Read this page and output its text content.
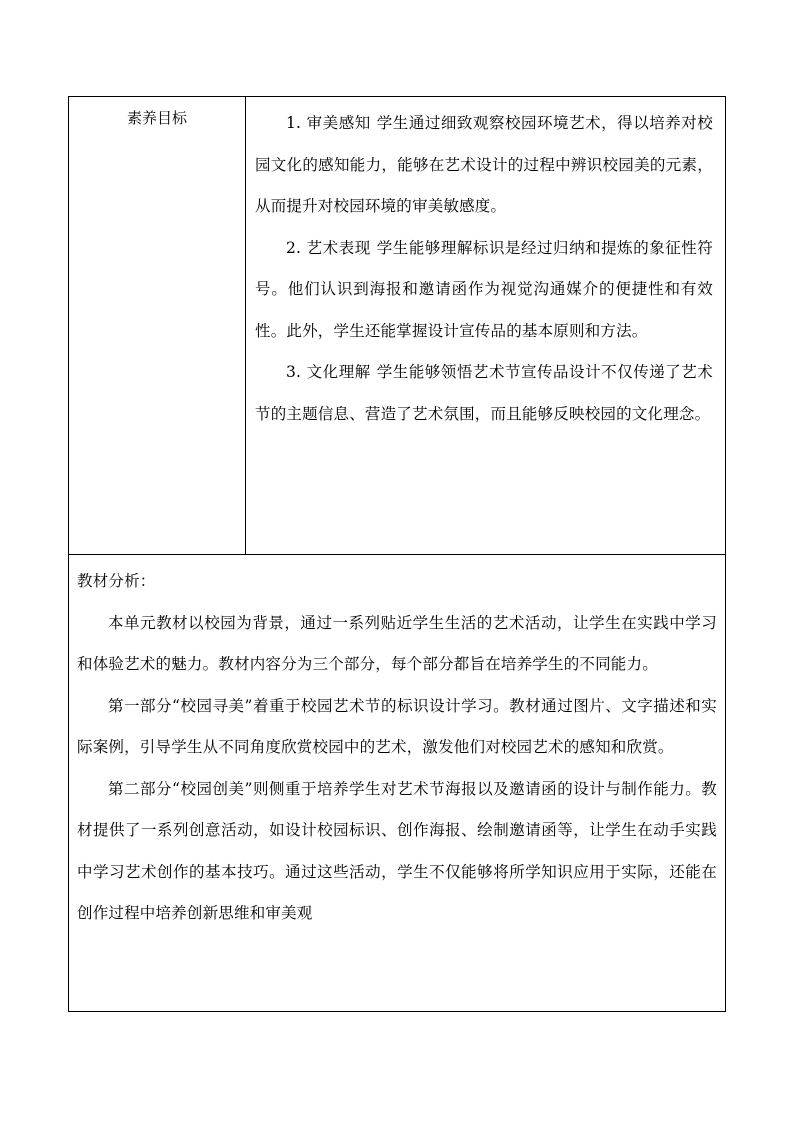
素养目标	1. 审美感知 学生通过细致观察校园环境艺术，得以培养对校园文化的感知能力，能够在艺术设计的过程中辨识校园美的元素，从而提升对校园环境的审美敏感度。

2. 艺术表现 学生能够理解标识是经过归纳和提炼的象征性符号。他们认识到海报和邀请函作为视觉沟通媒介的便捷性和有效性。此外，学生还能掌握设计宣传品的基本原则和方法。

3. 文化理解 学生能够领悟艺术节宣传品设计不仅传递了艺术节的主题信息、营造了艺术氛围，而且能够反映校园的文化理念。

教材分析：

本单元教材以校园为背景，通过一系列贴近学生生活的艺术活动，让学生在实践中学习和体验艺术的魅力。教材内容分为三个部分，每个部分都旨在培养学生的不同能力。

第一部分“校园寻美”着重于校园艺术节的标识设计学习。教材通过图片、文字描述和实际案例，引导学生从不同角度欣赏校园中的艺术，激发他们对校园艺术的感知和欣赏。

第二部分“校园创美”则侧重于培养学生对艺术节海报以及邀请函的设计与制作能力。教材提供了一系列创意活动，如设计校园标识、创作海报、绘制邀请函等，让学生在动手实践中学习艺术创作的基本技巧。通过这些活动，学生不仅能够将所学知识应用于实际，还能在创作过程中培养创新思维和审美观
